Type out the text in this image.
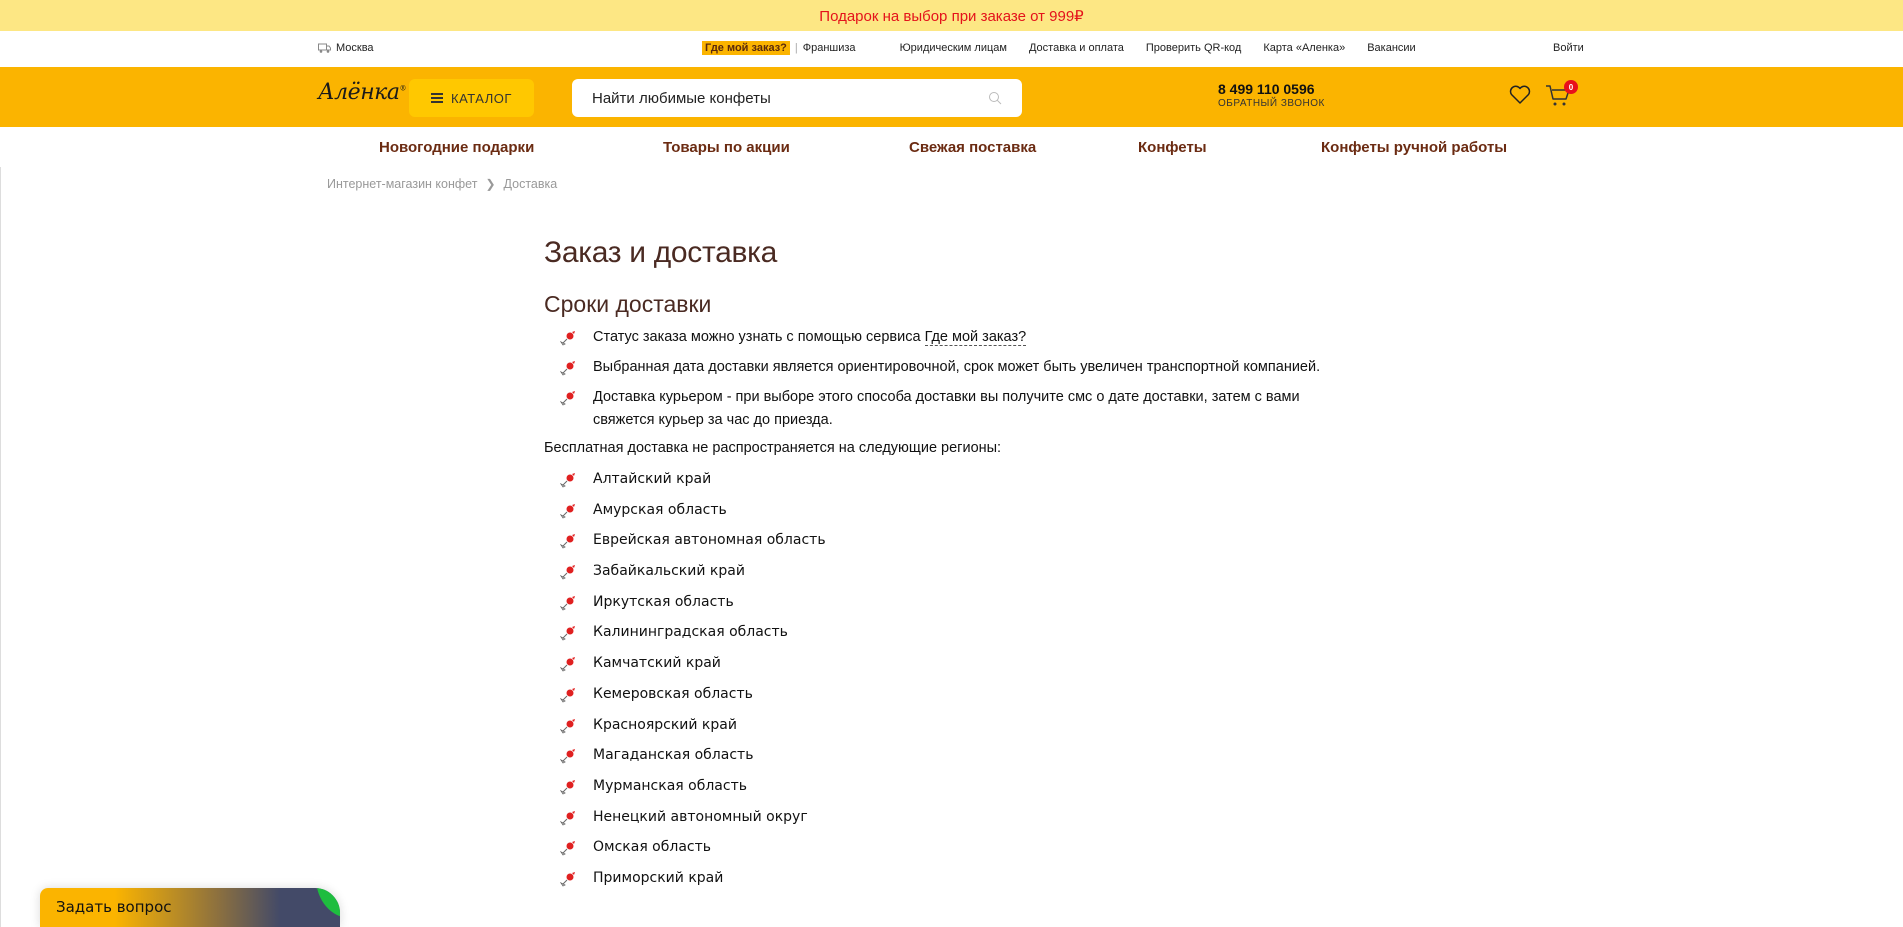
Подарок на выбор при заказе от 999₽
Москва	Где мой заказ? | Франшиза	Юридическим лицам Доставка и оплата Проверить QR-код Карта «Аленка» Вакансии	Войти
Алёнка®
КАТАЛОГ
Найти любимые конфеты
8 499 110 0596
ОБРАТНЫЙ ЗВОНОК
0
Новогодние подарки	Товары по акции	Свежая поставка	Конфеты	Конфеты ручной работы
Интернет-магазин конфет ❯ Доставка
Заказ и доставка
Сроки доставки
Статус заказа можно узнать с помощью сервиса Где мой заказ?
Выбранная дата доставки является ориентировочной, срок может быть увеличен транспортной компанией.
Доставка курьером - при выборе этого способа доставки вы получите смс о дате доставки, затем с вами свяжется курьер за час до приезда.

Бесплатная доставка не распространяется на следующие регионы:

Алтайский край
Амурская область
Еврейская автономная область
Забайкальский край
Иркутская область
Калининградская область
Камчатский край
Кемеровская область
Красноярский край
Магаданская область
Мурманская область
Ненецкий автономный округ
Омская область
Приморский край
Задать вопрос
